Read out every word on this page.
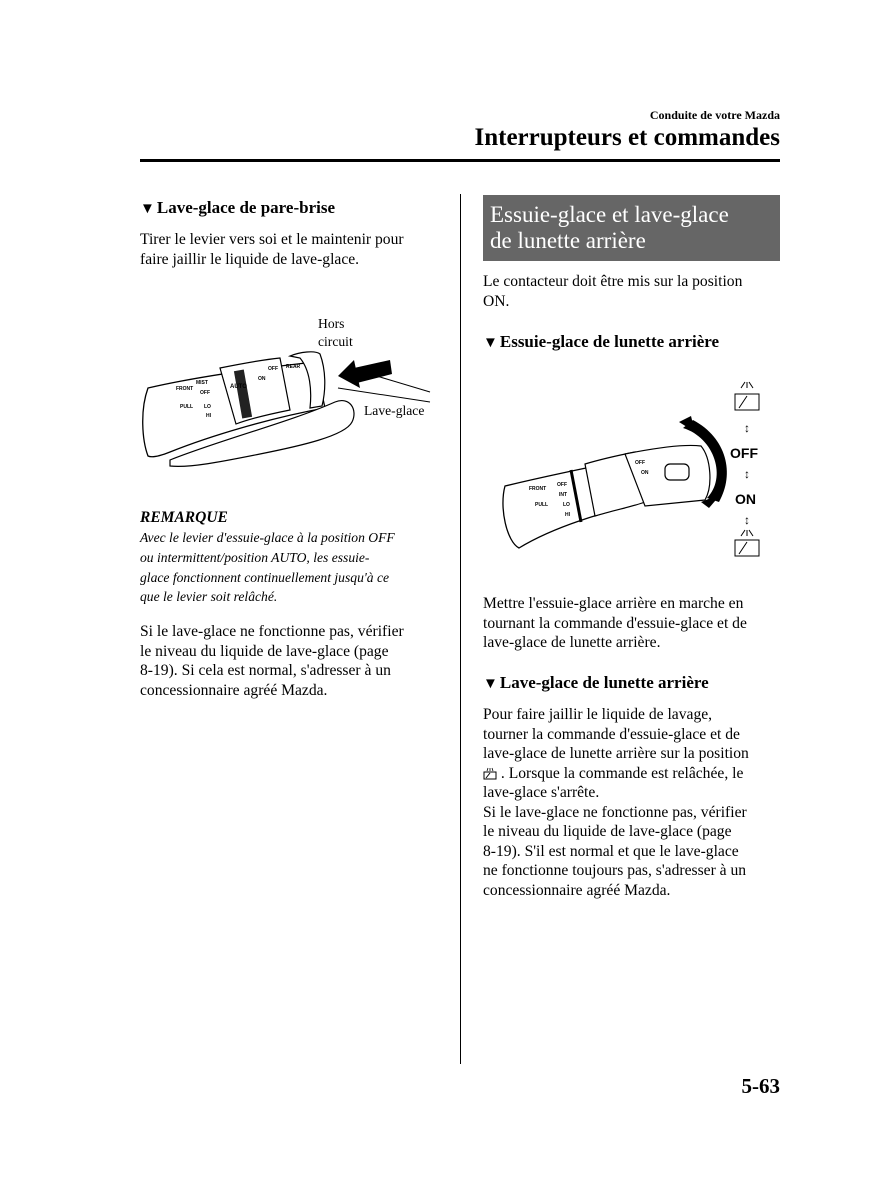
Conduite de votre Mazda
Interrupteurs et commandes
▼ Lave-glace de pare-brise
Tirer le levier vers soi et le maintenir pour
faire jaillir le liquide de lave-glace.
Hors
circuit
Lave-glace
FRONT
PULL
MIST
OFF
AUTO
LO
HI
OFF
ON
REAR
REMARQUE
Avec le levier d'essuie-glace à la position OFF
ou intermittent/position AUTO, les essuie-
glace fonctionnent continuellement jusqu'à ce
que le levier soit relâché.
Si le lave-glace ne fonctionne pas, vérifier
le niveau du liquide de lave-glace (page
8-19). Si cela est normal, s'adresser à un
concessionnaire agréé Mazda.
Essuie-glace et lave-glace
de lunette arrière
Le contacteur doit être mis sur la position
ON.
▼ Essuie-glace de lunette arrière
FRONT
PULL
OFF
INT
LO
HI
OFF
ON
↕
OFF
↕
ON
↕
Mettre l'essuie-glace arrière en marche en
tournant la commande d'essuie-glace et de
lave-glace de lunette arrière.
▼ Lave-glace de lunette arrière
Pour faire jaillir le liquide de lavage,
tourner la commande d'essuie-glace et de
lave-glace de lunette arrière sur la position
. Lorsque la commande est relâchée, le
lave-glace s'arrête.
Si le lave-glace ne fonctionne pas, vérifier
le niveau du liquide de lave-glace (page
8-19). S'il est normal et que le lave-glace
ne fonctionne toujours pas, s'adresser à un
concessionnaire agréé Mazda.
5-63
